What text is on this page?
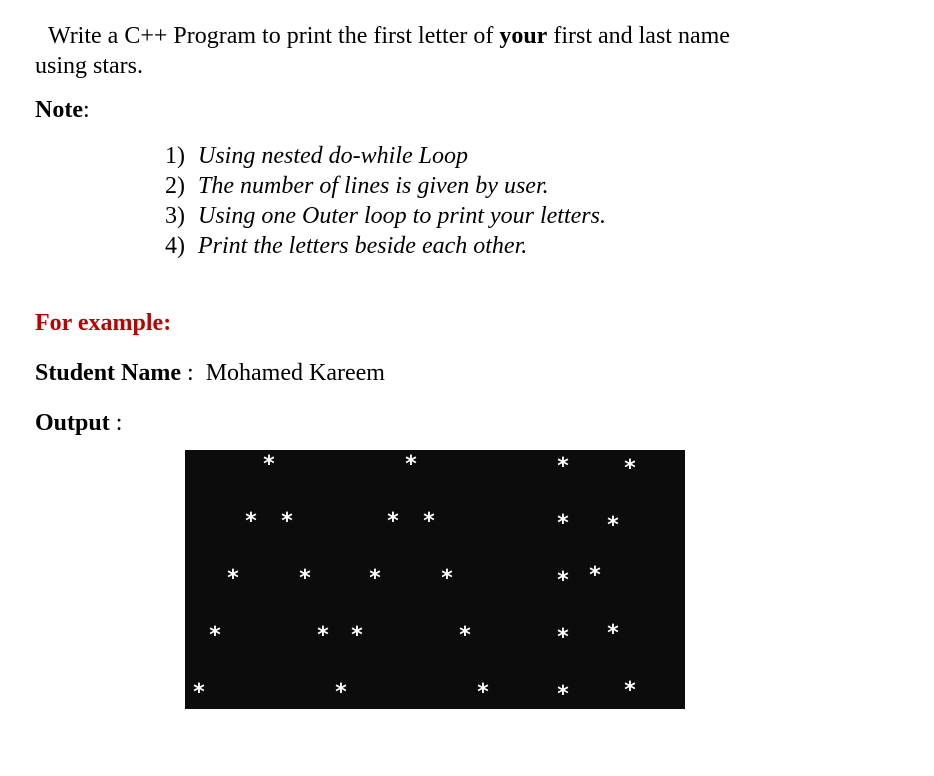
Write a C++ Program to print the first letter of your first and last name
using stars.
Note:
1) Using nested do-while Loop
2) The number of lines is given by user.
3) Using one Outer loop to print your letters.
4) Print the letters beside each other.
For example:
Student Name :  Mohamed Kareem
Output :
*	*
* *	* *
*	*	*	*
*	* *	*
*	*	*
* *
* *
* *
* *
* *
